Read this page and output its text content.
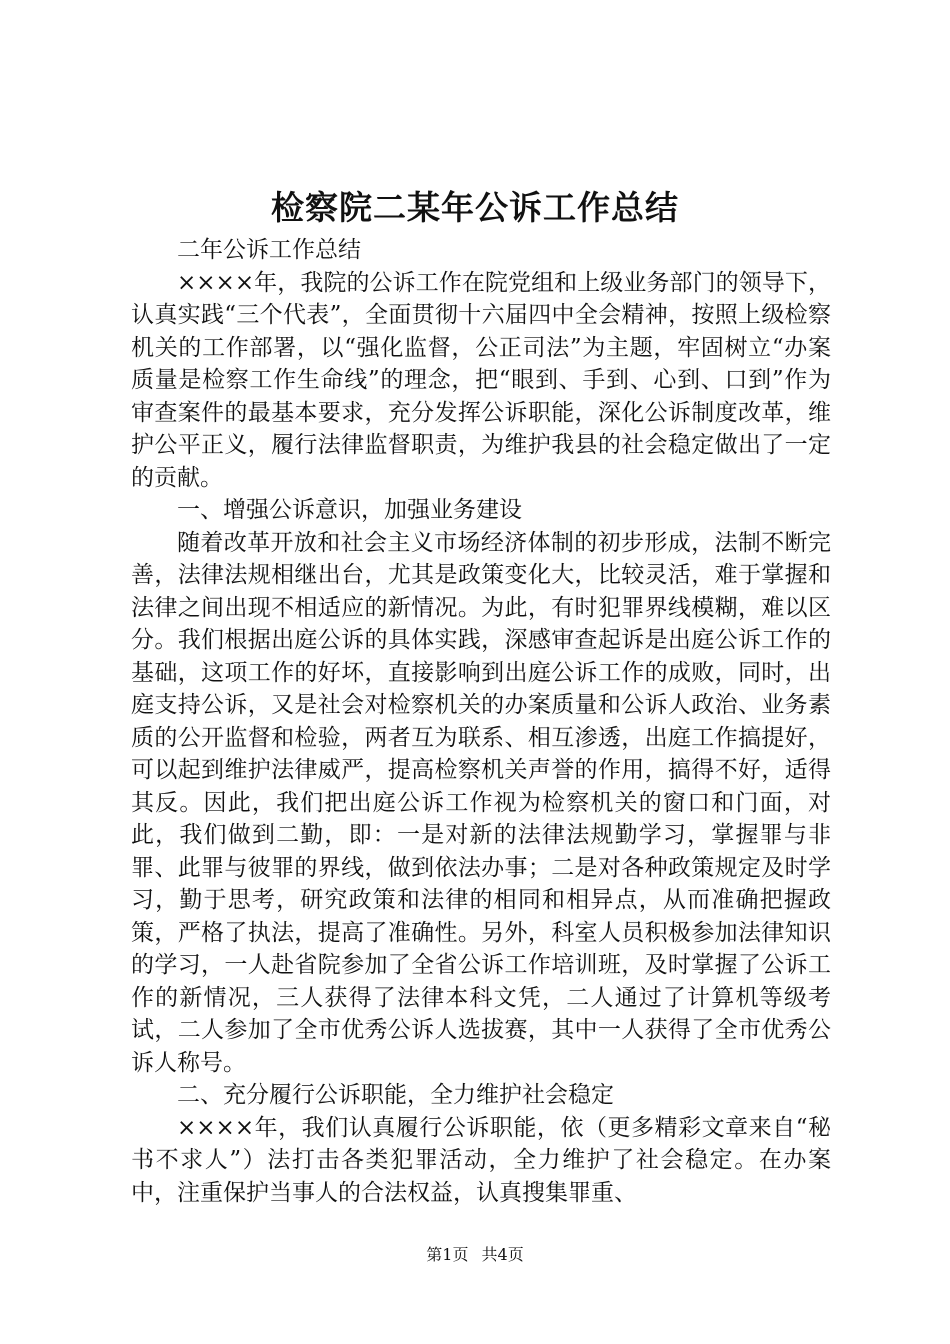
检察院二某年公诉工作总结

二年公诉工作总结

××××年，我院的公诉工作在院党组和上级业务部门的领导下，认真实践“三个代表”，全面贯彻十六届四中全会精神，按照上级检察机关的工作部署，以“强化监督，公正司法”为主题，牢固树立“办案质量是检察工作生命线”的理念，把“眼到、手到、心到、口到”作为审查案件的最基本要求，充分发挥公诉职能，深化公诉制度改革，维护公平正义，履行法律监督职责，为维护我县的社会稳定做出了一定的贡献。

一、增强公诉意识，加强业务建设

随着改革开放和社会主义市场经济体制的初步形成，法制不断完善，法律法规相继出台，尤其是政策变化大，比较灵活，难于掌握和法律之间出现不相适应的新情况。为此，有时犯罪界线模糊，难以区分。我们根据出庭公诉的具体实践，深感审查起诉是出庭公诉工作的基础，这项工作的好坏，直接影响到出庭公诉工作的成败，同时，出庭支持公诉，又是社会对检察机关的办案质量和公诉人政治、业务素质的公开监督和检验，两者互为联系、相互渗透，出庭工作搞提好，可以起到维护法律威严，提高检察机关声誉的作用，搞得不好，适得其反。因此，我们把出庭公诉工作视为检察机关的窗口和门面，对此，我们做到二勤，即：一是对新的法律法规勤学习，掌握罪与非罪、此罪与彼罪的界线，做到依法办事；二是对各种政策规定及时学习，勤于思考，研究政策和法律的相同和相异点，从而准确把握政策，严格了执法，提高了准确性。另外，科室人员积极参加法律知识的学习，一人赴省院参加了全省公诉工作培训班，及时掌握了公诉工作的新情况，三人获得了法律本科文凭，二人通过了计算机等级考试，二人参加了全市优秀公诉人选拔赛，其中一人获得了全市优秀公诉人称号。

二、充分履行公诉职能，全力维护社会稳定

××××年，我们认真履行公诉职能，依（更多精彩文章来自“秘书不求人”）法打击各类犯罪活动，全力维护了社会稳定。在办案中，注重保护当事人的合法权益，认真搜集罪重、

第1页 共4页
